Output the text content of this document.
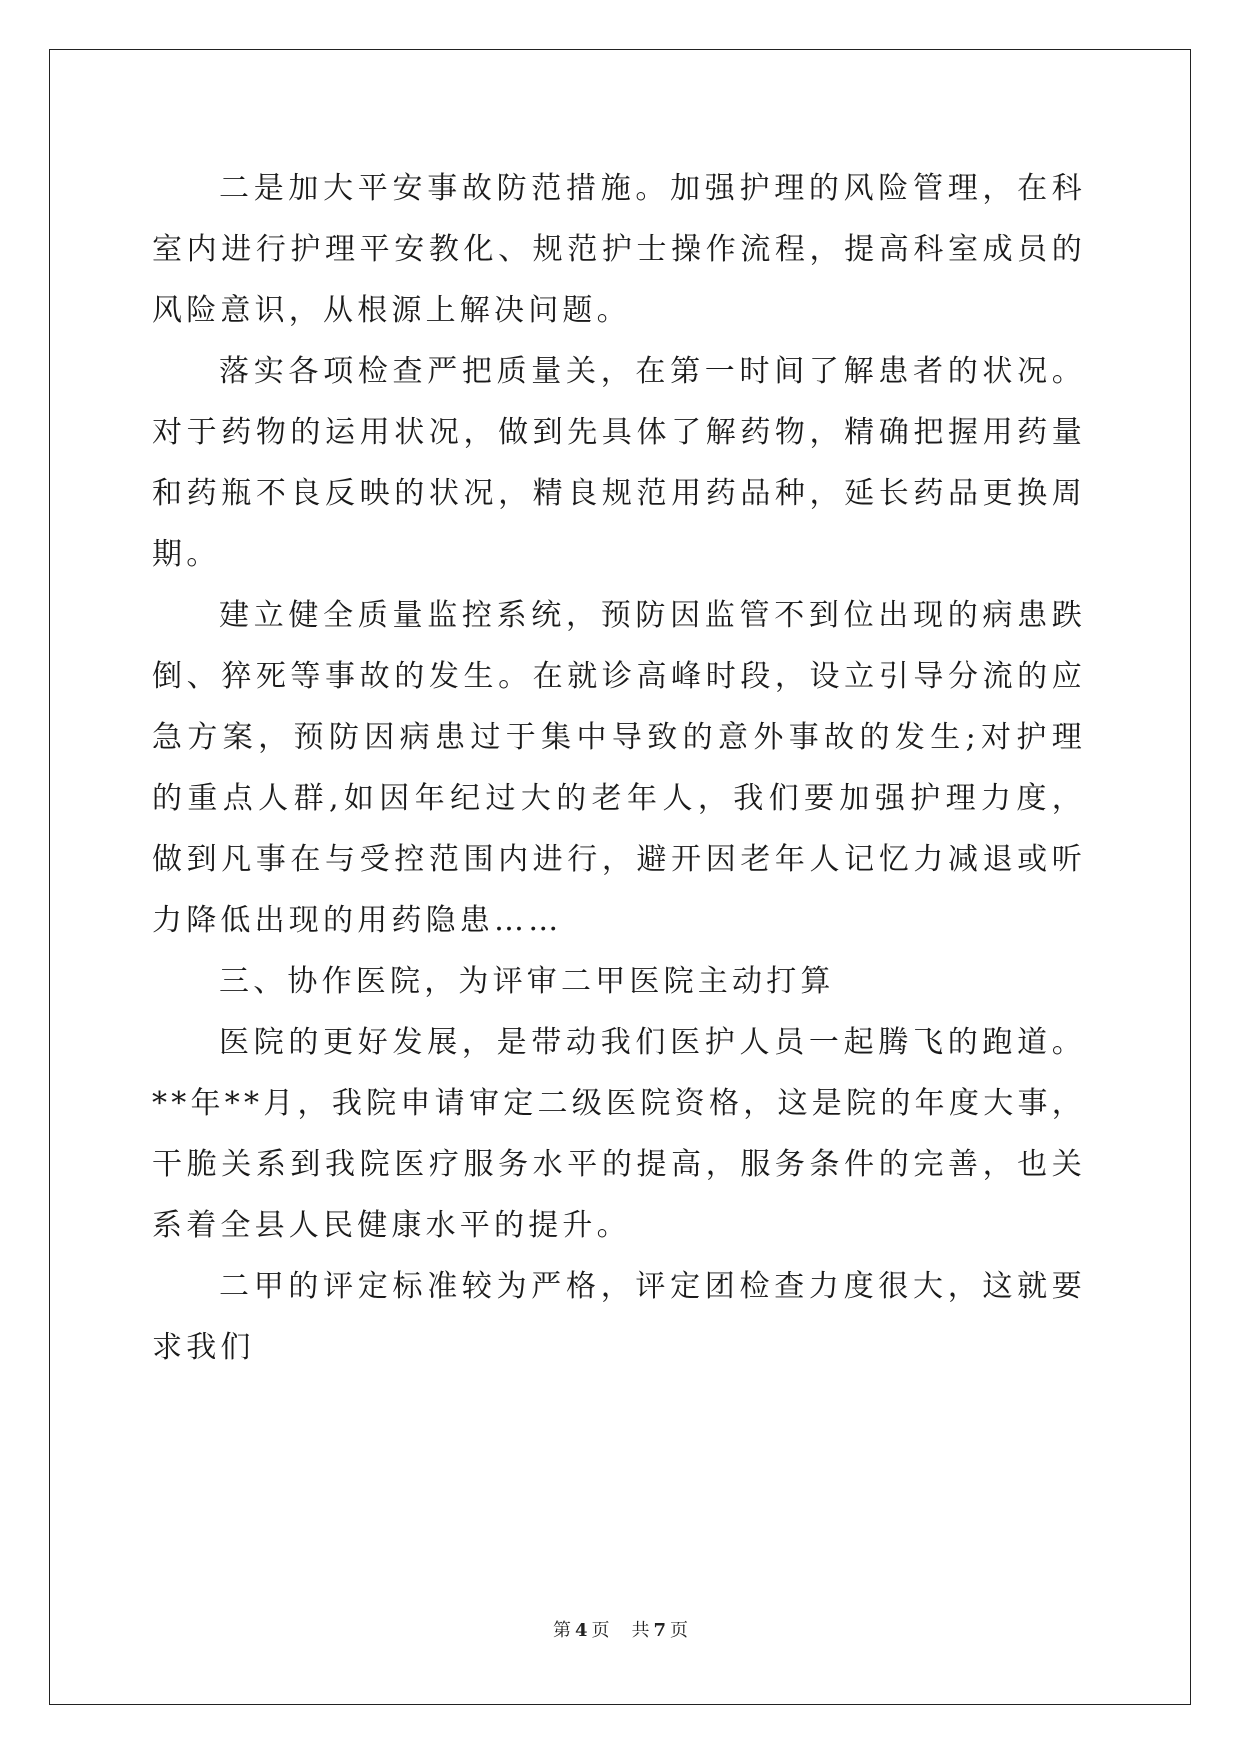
二是加大平安事故防范措施。加强护理的风险管理，在科室内进行护理平安教化、规范护士操作流程，提高科室成员的风险意识，从根源上解决问题。

落实各项检查严把质量关，在第一时间了解患者的状况。对于药物的运用状况，做到先具体了解药物，精确把握用药量和药瓶不良反映的状况，精良规范用药品种，延长药品更换周期。

建立健全质量监控系统，预防因监管不到位出现的病患跌倒、猝死等事故的发生。在就诊高峰时段，设立引导分流的应急方案，预防因病患过于集中导致的意外事故的发生;对护理的重点人群,如因年纪过大的老年人，我们要加强护理力度，做到凡事在与受控范围内进行，避开因老年人记忆力减退或听力降低出现的用药隐患……

三、协作医院，为评审二甲医院主动打算

医院的更好发展，是带动我们医护人员一起腾飞的跑道。**年**月，我院申请审定二级医院资格，这是院的年度大事，干脆关系到我院医疗服务水平的提高，服务条件的完善，也关系着全县人民健康水平的提升。

二甲的评定标准较为严格，评定团检查力度很大，这就要求我们

第 4 页 共 7 页
